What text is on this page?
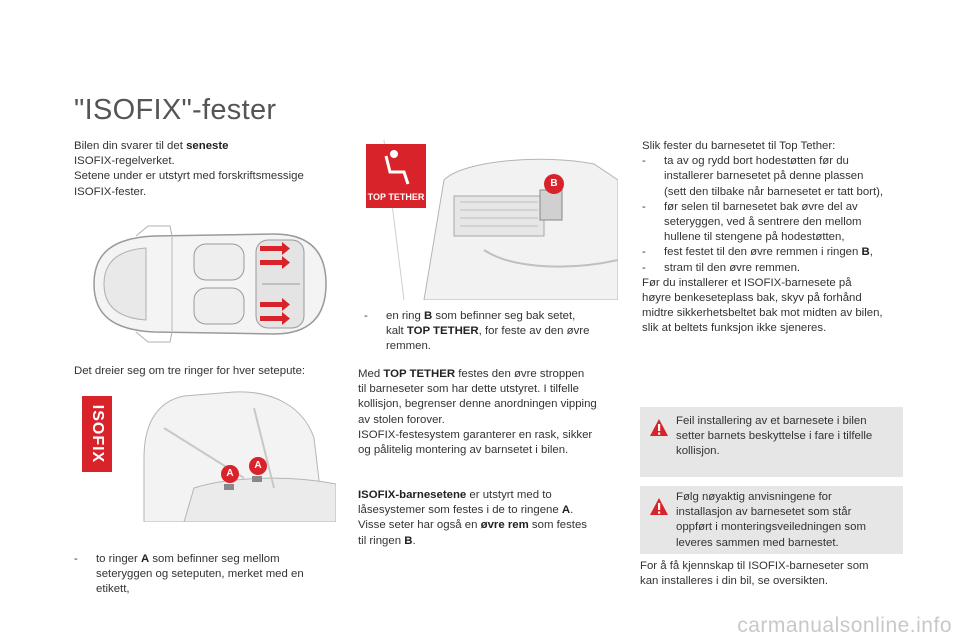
"ISOFIX"-fester

Bilen din svarer til det seneste

ISOFIX-regelverket.

Setene under er utstyrt med forskriftsmessige

ISOFIX-fester.

Det dreier seg om tre ringer for hver setepute:
ISOFIX
A
A
-	to ringer A som befinner seg mellom

seteryggen og seteputen, merket med en

etikett,

TOP TETHER
B
-	en ring B som befinner seg bak setet,

kalt TOP TETHER, for feste av den øvre

remmen.

Med TOP TETHER festes den øvre stroppen

til barneseter som har dette utstyret. I tilfelle

kollisjon, begrenser denne anordningen vipping

av stolen forover.

ISOFIX-festesystem garanterer en rask, sikker

og pålitelig montering av barnsetet i bilen.

ISOFIX-barnesetene er utstyrt med to

låsesystemer som festes i de to ringene A.

Visse seter har også en øvre rem som festes

til ringen B.

Slik fester du barnesetet til Top Tether:

-	ta av og rydd bort hodestøtten før du

installerer barnesetet på denne plassen

(sett den tilbake når barnesetet er tatt bort),

-	før selen til barnesetet bak øvre del av

seteryggen, ved å sentrere den mellom

hullene til stengene på hodestøtten,

-	fest festet til den øvre remmen i ringen B,

-	stram til den øvre remmen.

Før du installerer et ISOFIX-barnesete på

høyre benkeseteplass bak, skyv på forhånd

midtre sikkerhetsbeltet bak mot midten av bilen,

slik at beltets funksjon ikke sjeneres.

Feil installering av et barnesete i bilen

setter barnets beskyttelse i fare i tilfelle

kollisjon.

Følg nøyaktig anvisningene for

installasjon av barnesetet som står

oppført i monteringsveiledningen som

leveres sammen med barnestet.

For å få kjennskap til ISOFIX-barneseter som

kan installeres i din bil, se oversikten.

carmanualsonline.info
